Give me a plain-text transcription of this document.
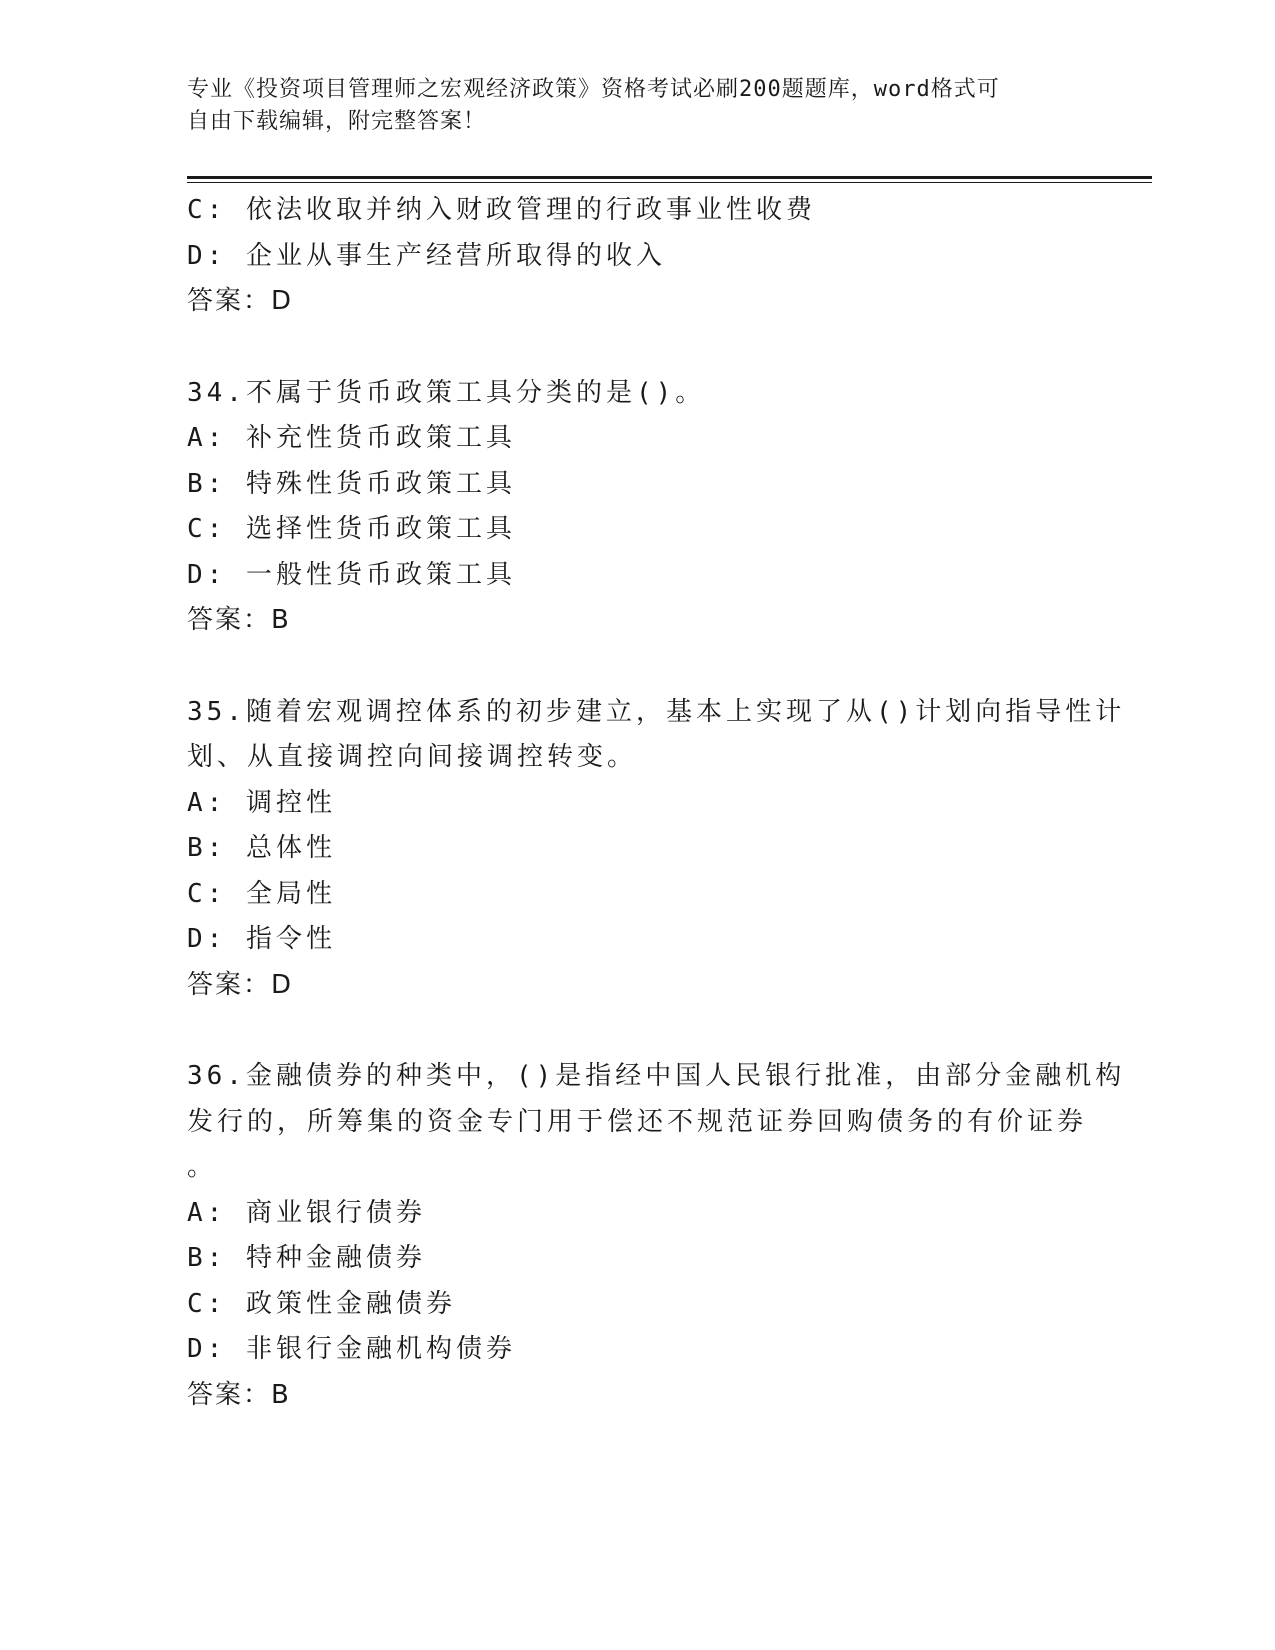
专业《投资项目管理师之宏观经济政策》资格考试必刷200题题库，word格式可
自由下载编辑，附完整答案！
C: 依法收取并纳入财政管理的行政事业性收费
D: 企业从事生产经营所取得的收入
答案：D
34.不属于货币政策工具分类的是()。
A: 补充性货币政策工具
B: 特殊性货币政策工具
C: 选择性货币政策工具
D: 一般性货币政策工具
答案：B
35.随着宏观调控体系的初步建立，基本上实现了从()计划向指导性计
划、从直接调控向间接调控转变。
A: 调控性
B: 总体性
C: 全局性
D: 指令性
答案：D
36.金融债券的种类中，()是指经中国人民银行批准，由部分金融机构
发行的，所筹集的资金专门用于偿还不规范证券回购债务的有价证券
。
A: 商业银行债券
B: 特种金融债券
C: 政策性金融债券
D: 非银行金融机构债券
答案：B
